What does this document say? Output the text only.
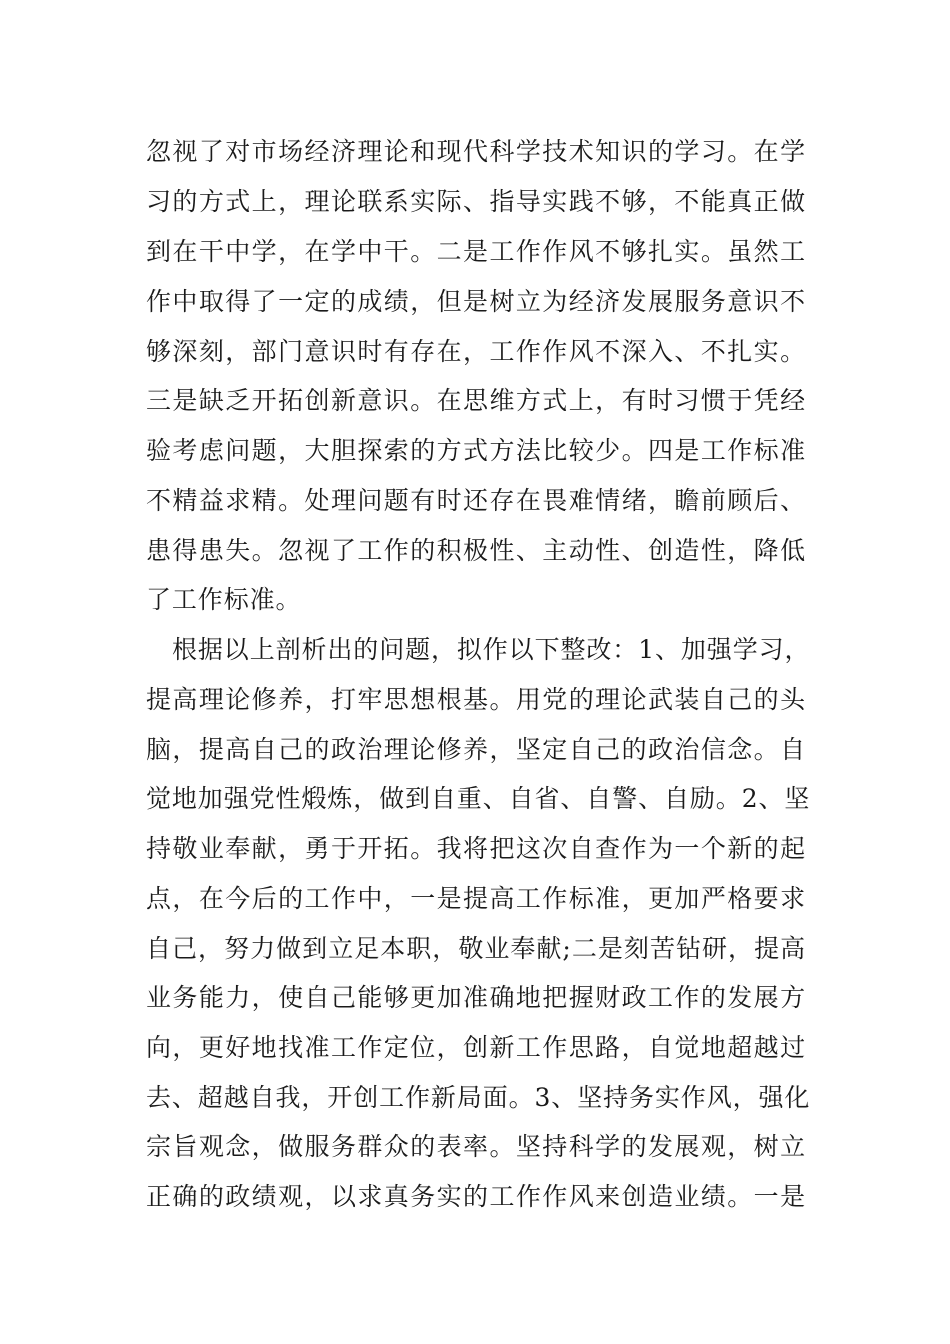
忽视了对市场经济理论和现代科学技术知识的学习。在学
习的方式上，理论联系实际、指导实践不够，不能真正做
到在干中学，在学中干。二是工作作风不够扎实。虽然工
作中取得了一定的成绩，但是树立为经济发展服务意识不
够深刻，部门意识时有存在，工作作风不深入、不扎实。
三是缺乏开拓创新意识。在思维方式上，有时习惯于凭经
验考虑问题，大胆探索的方式方法比较少。四是工作标准
不精益求精。处理问题有时还存在畏难情绪，瞻前顾后、
患得患失。忽视了工作的积极性、主动性、创造性，降低
了工作标准。
根据以上剖析出的问题，拟作以下整改：1、加强学习，
提高理论修养，打牢思想根基。用党的理论武装自己的头
脑，提高自己的政治理论修养，坚定自己的政治信念。自
觉地加强党性煅炼，做到自重、自省、自警、自励。2、坚
持敬业奉献，勇于开拓。我将把这次自查作为一个新的起
点，在今后的工作中，一是提高工作标准，更加严格要求
自己，努力做到立足本职，敬业奉献;二是刻苦钻研，提高
业务能力，使自己能够更加准确地把握财政工作的发展方
向，更好地找准工作定位，创新工作思路，自觉地超越过
去、超越自我，开创工作新局面。3、坚持务实作风，强化
宗旨观念，做服务群众的表率。坚持科学的发展观，树立
正确的政绩观，以求真务实的工作作风来创造业绩。一是
